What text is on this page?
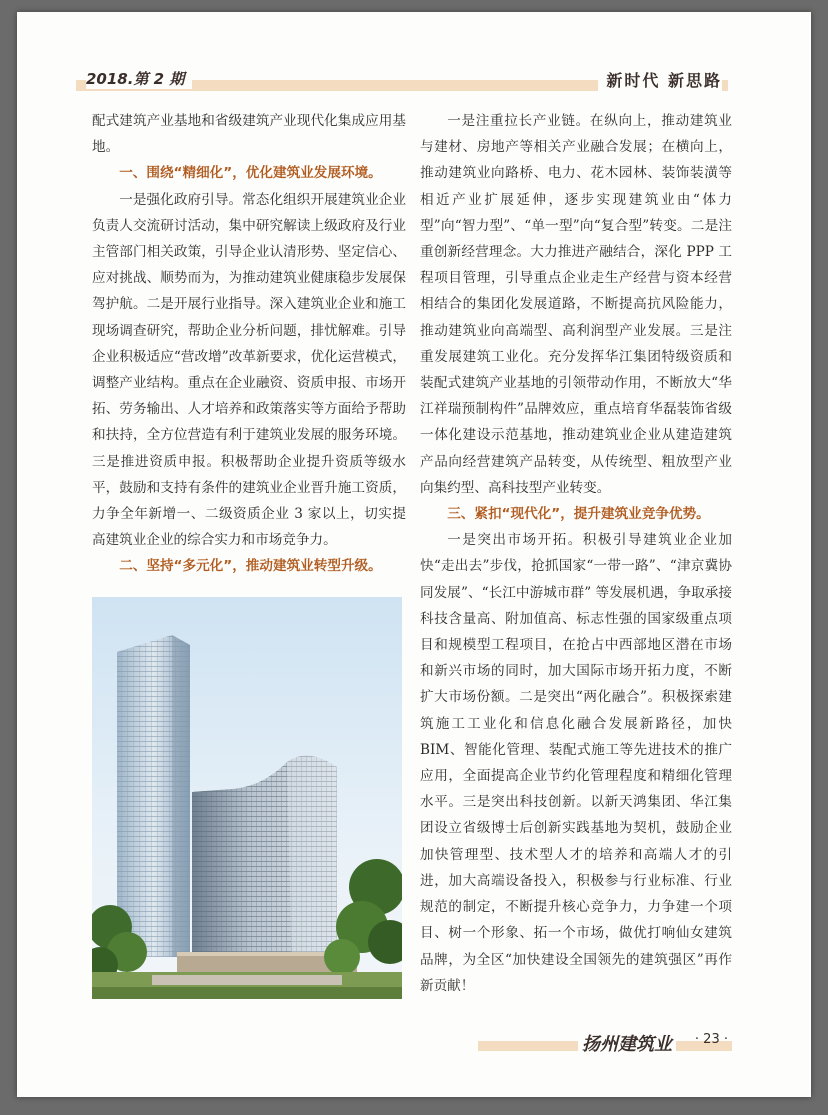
2018.第 2 期	新时代 新思路

配式建筑产业基地和省级建筑产业现代化集成应用基地。

一、围绕“精细化”，优化建筑业发展环境。

一是强化政府引导。常态化组织开展建筑业企业负责人交流研讨活动，集中研究解读上级政府及行业主管部门相关政策，引导企业认清形势、坚定信心、应对挑战、顺势而为，为推动建筑业健康稳步发展保驾护航。二是开展行业指导。深入建筑业企业和施工现场调查研究，帮助企业分析问题，排忧解难。引导企业积极适应“营改增”改革新要求，优化运营模式，调整产业结构。重点在企业融资、资质申报、市场开拓、劳务输出、人才培养和政策落实等方面给予帮助和扶持，全方位营造有利于建筑业发展的服务环境。三是推进资质申报。积极帮助企业提升资质等级水平，鼓励和支持有条件的建筑业企业晋升施工资质，力争全年新增一、二级资质企业 3 家以上，切实提高建筑业企业的综合实力和市场竞争力。

二、坚持“多元化”，推动建筑业转型升级。

一是注重拉长产业链。在纵向上，推动建筑业与建材、房地产等相关产业融合发展；在横向上，推动建筑业向路桥、电力、花木园林、装饰装潢等相近产业扩展延伸，逐步实现建筑业由“体力型”向“智力型”、“单一型”向“复合型”转变。二是注重创新经营理念。大力推进产融结合，深化 PPP 工程项目管理，引导重点企业走生产经营与资本经营相结合的集团化发展道路，不断提高抗风险能力，推动建筑业向高端型、高利润型产业发展。三是注重发展建筑工业化。充分发挥华江集团特级资质和装配式建筑产业基地的引领带动作用，不断放大“华江祥瑞预制构件”品牌效应，重点培育华磊装饰省级一体化建设示范基地，推动建筑业企业从建造建筑产品向经营建筑产品转变，从传统型、粗放型产业向集约型、高科技型产业转变。

三、紧扣“现代化”，提升建筑业竞争优势。

一是突出市场开拓。积极引导建筑业企业加快“走出去”步伐，抢抓国家“一带一路”、“津京冀协同发展”、“长江中游城市群” 等发展机遇，争取承接科技含量高、附加值高、标志性强的国家级重点项目和规模型工程项目，在抢占中西部地区潜在市场和新兴市场的同时，加大国际市场开拓力度，不断扩大市场份额。二是突出“两化融合”。积极探索建筑施工工业化和信息化融合发展新路径，加快 BIM、智能化管理、装配式施工等先进技术的推广应用，全面提高企业节约化管理程度和精细化管理水平。三是突出科技创新。以新天鸿集团、华江集团设立省级博士后创新实践基地为契机，鼓励企业加快管理型、技术型人才的培养和高端人才的引进，加大高端设备投入，积极参与行业标准、行业规范的制定，不断提升核心竞争力，力争建一个项目、树一个形象、拓一个市场，做优打响仙女建筑品牌，为全区“加快建设全国领先的建筑强区”再作新贡献！

扬州建筑业	· 23 ·
